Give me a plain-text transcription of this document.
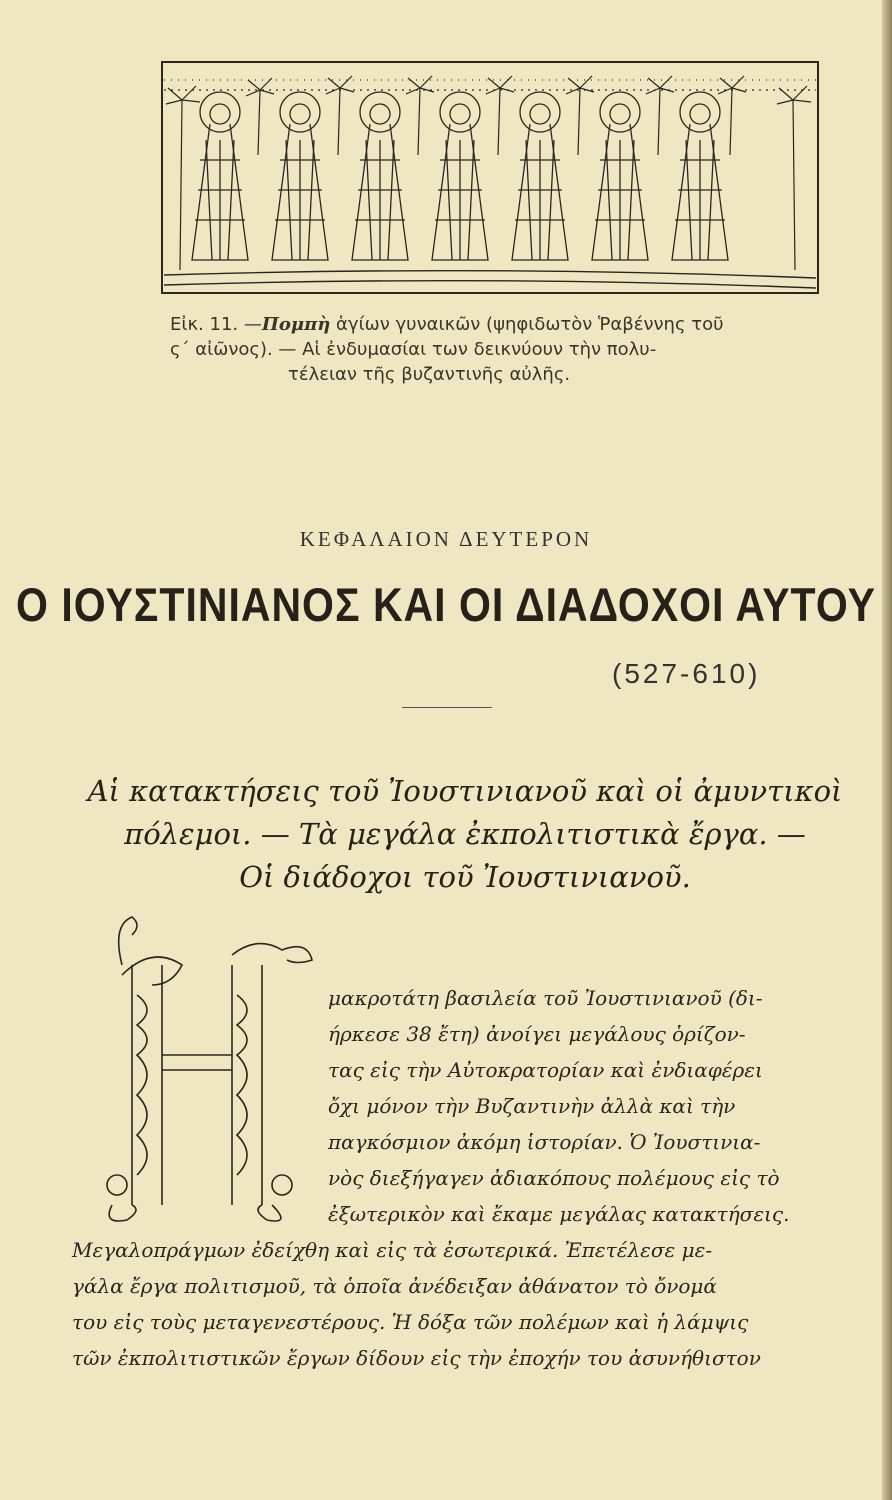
Εἰκ. 11. —Πομπὴ ἁγίων γυναικῶν (ψηφιδωτὸν Ῥαβέννης τοῦ
ς´ αἰῶνος). — Αἱ ἐνδυμασίαι των δεικνύουν τὴν πολυ-
τέλειαν τῆς βυζαντινῆς αὐλῆς.
ΚΕΦΑΛΑΙΟΝ ΔΕΥΤΕΡΟΝ
Ο ΙΟΥΣΤΙΝΙΑΝΟΣ ΚΑΙ ΟΙ ΔΙΑΔΟΧΟΙ ΑΥΤΟΥ
(527-610)
Αἱ κατακτήσεις τοῦ Ἰουστινιανοῦ καὶ οἱ ἀμυντικοὶ
πόλεμοι. — Τὰ μεγάλα ἐκπολιτιστικὰ ἔργα. —
Οἱ διάδοχοι τοῦ Ἰουστινιανοῦ.
Η
μακροτάτη βασιλεία τοῦ Ἰουστινιανοῦ (δι-
ήρκεσε 38 ἔτη) ἀνοίγει μεγάλους ὁρίζον-
τας εἰς τὴν Αὐτοκρατορίαν καὶ ἐνδιαφέρει
ὄχι μόνον τὴν Βυζαντινὴν ἀλλὰ καὶ τὴν
παγκόσμιον ἀκόμη ἱστορίαν. Ὁ Ἰουστινια-
νὸς διεξήγαγεν ἀδιακόπους πολέμους εἰς τὸ
ἐξωτερικὸν καὶ ἔκαμε μεγάλας κατακτήσεις.
Μεγαλοπράγμων ἐδείχθη καὶ εἰς τὰ ἐσωτερικά. Ἐπετέλεσε με-
γάλα ἔργα πολιτισμοῦ, τὰ ὁποῖα ἀνέδειξαν ἀθάνατον τὸ ὄνομά
του εἰς τοὺς μεταγενεστέρους. Ἡ δόξα τῶν πολέμων καὶ ἡ λάμψις
τῶν ἐκπολιτιστικῶν ἔργων δίδουν εἰς τὴν ἐποχήν του ἀσυνήθιστον
